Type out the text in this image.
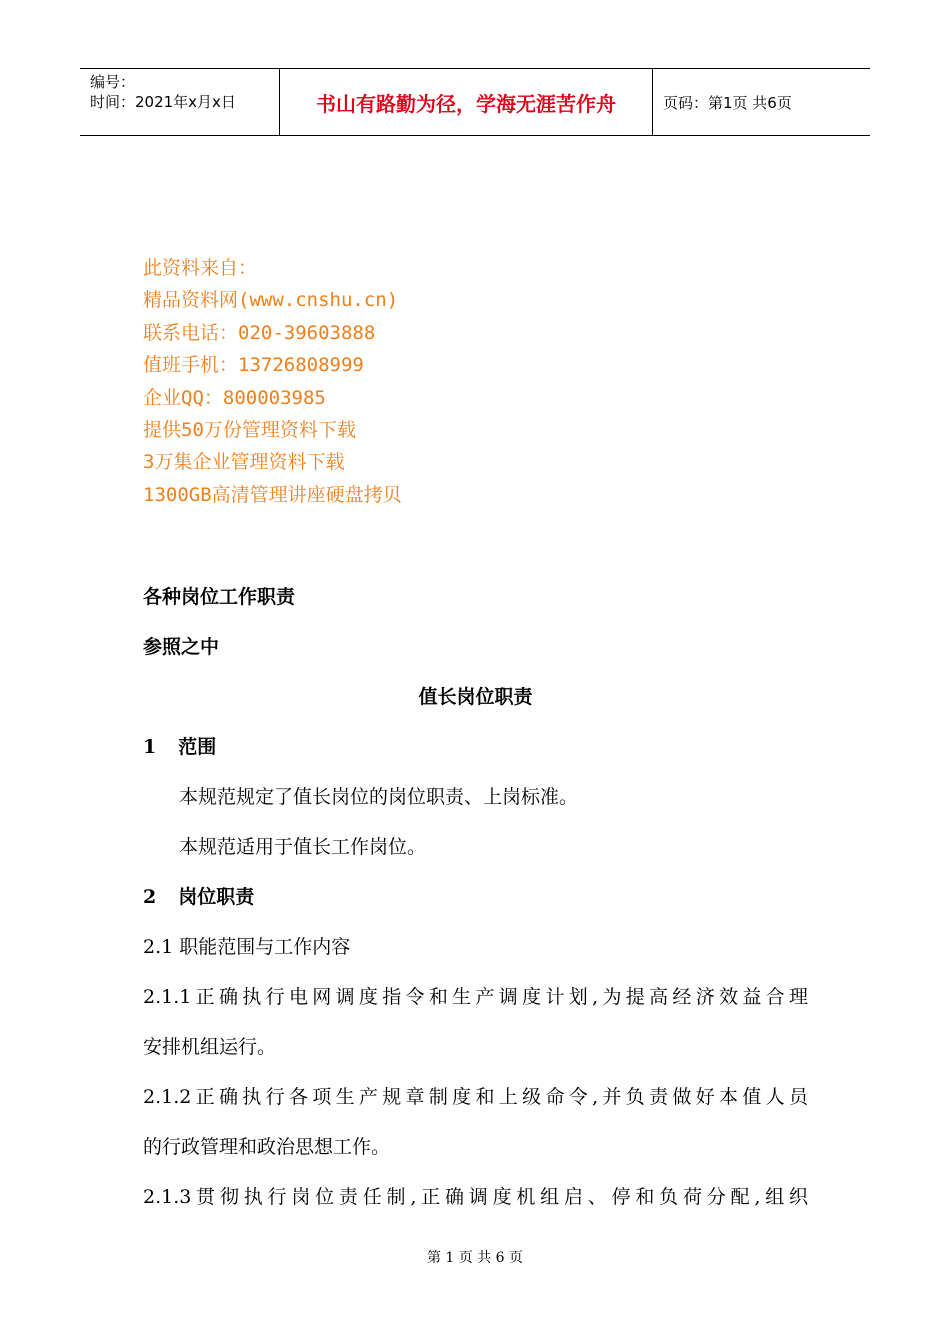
编号：
时间：2021年x月x日	书山有路勤为径，学海无涯苦作舟	页码：第1页 共6页
此资料来自：
精品资料网(www.cnshu.cn)
联系电话：020-39603888
值班手机：13726808999
企业QQ：800003985
提供50万份管理资料下载
3万集企业管理资料下载
1300GB高清管理讲座硬盘拷贝
各种岗位工作职责
参照之中
值长岗位职责
1 范围
本规范规定了值长岗位的岗位职责、上岗标准。
本规范适用于值长工作岗位。
2 岗位职责
2.1 职能范围与工作内容
2.1.1正确执行电网调度指令和生产调度计划,为提高经济效益合理
安排机组运行。
2.1.2正确执行各项生产规章制度和上级命令,并负责做好本值人员
的行政管理和政治思想工作。
2.1.3贯彻执行岗位责任制,正确调度机组启、停和负荷分配,组织
第 1 页 共 6 页
